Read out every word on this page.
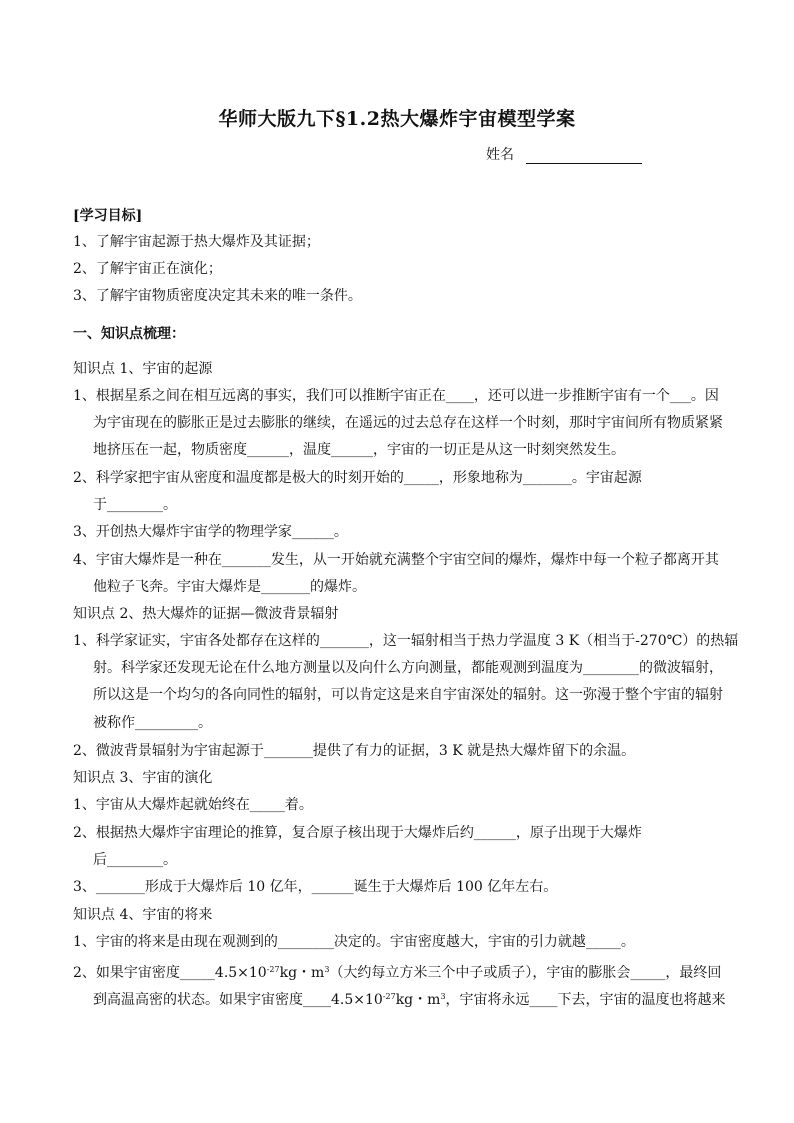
华师大版九下§1.2热大爆炸宇宙模型学案
姓名
[学习目标]
1、了解宇宙起源于热大爆炸及其证据；
2、了解宇宙正在演化；
3、了解宇宙物质密度决定其未来的唯一条件。
一、知识点梳理：
知识点 1、宇宙的起源
1、根据星系之间在相互远离的事实，我们可以推断宇宙正在____，还可以进一步推断宇宙有一个___。因
为宇宙现在的膨胀正是过去膨胀的继续，在遥远的过去总存在这样一个时刻，那时宇宙间所有物质紧紧
地挤压在一起，物质密度______，温度______，宇宙的一切正是从这一时刻突然发生。
2、科学家把宇宙从密度和温度都是极大的时刻开始的_____，形象地称为_______。宇宙起源
于________。
3、开创热大爆炸宇宙学的物理学家______。
4、宇宙大爆炸是一种在_______发生，从一开始就充满整个宇宙空间的爆炸，爆炸中每一个粒子都离开其
他粒子飞奔。宇宙大爆炸是_______的爆炸。
知识点 2、热大爆炸的证据—微波背景辐射
1、科学家证实，宇宙各处都存在这样的_______，这一辐射相当于热力学温度 3 K（相当于-270℃）的热辐
射。科学家还发现无论在什么地方测量以及向什么方向测量，都能观测到温度为________的微波辐射，
所以这是一个均匀的各向同性的辐射，可以肯定这是来自宇宙深处的辐射。这一弥漫于整个宇宙的辐射
被称作_________。
2、微波背景辐射为宇宙起源于_______提供了有力的证据，3 K 就是热大爆炸留下的余温。
知识点 3、宇宙的演化
1、宇宙从大爆炸起就始终在_____着。
2、根据热大爆炸宇宙理论的推算，复合原子核出现于大爆炸后约______，原子出现于大爆炸
后________。
3、_______形成于大爆炸后 10 亿年，______诞生于大爆炸后 100 亿年左右。
知识点 4、宇宙的将来
1、宇宙的将来是由现在观测到的________决定的。宇宙密度越大，宇宙的引力就越_____。
2、如果宇宙密度$\_\_\_\_\_4.5\times 10^{-27}kg$・$m^3$（大约每立方米三个中子或质子），宇宙的膨胀会_____，最终回
到高温高密的状态。如果宇宙密度$\_\_\_\_4.5\times 10^{-27}kg$・$m^3$，宇宙将永远____下去，宇宙的温度也将越来
